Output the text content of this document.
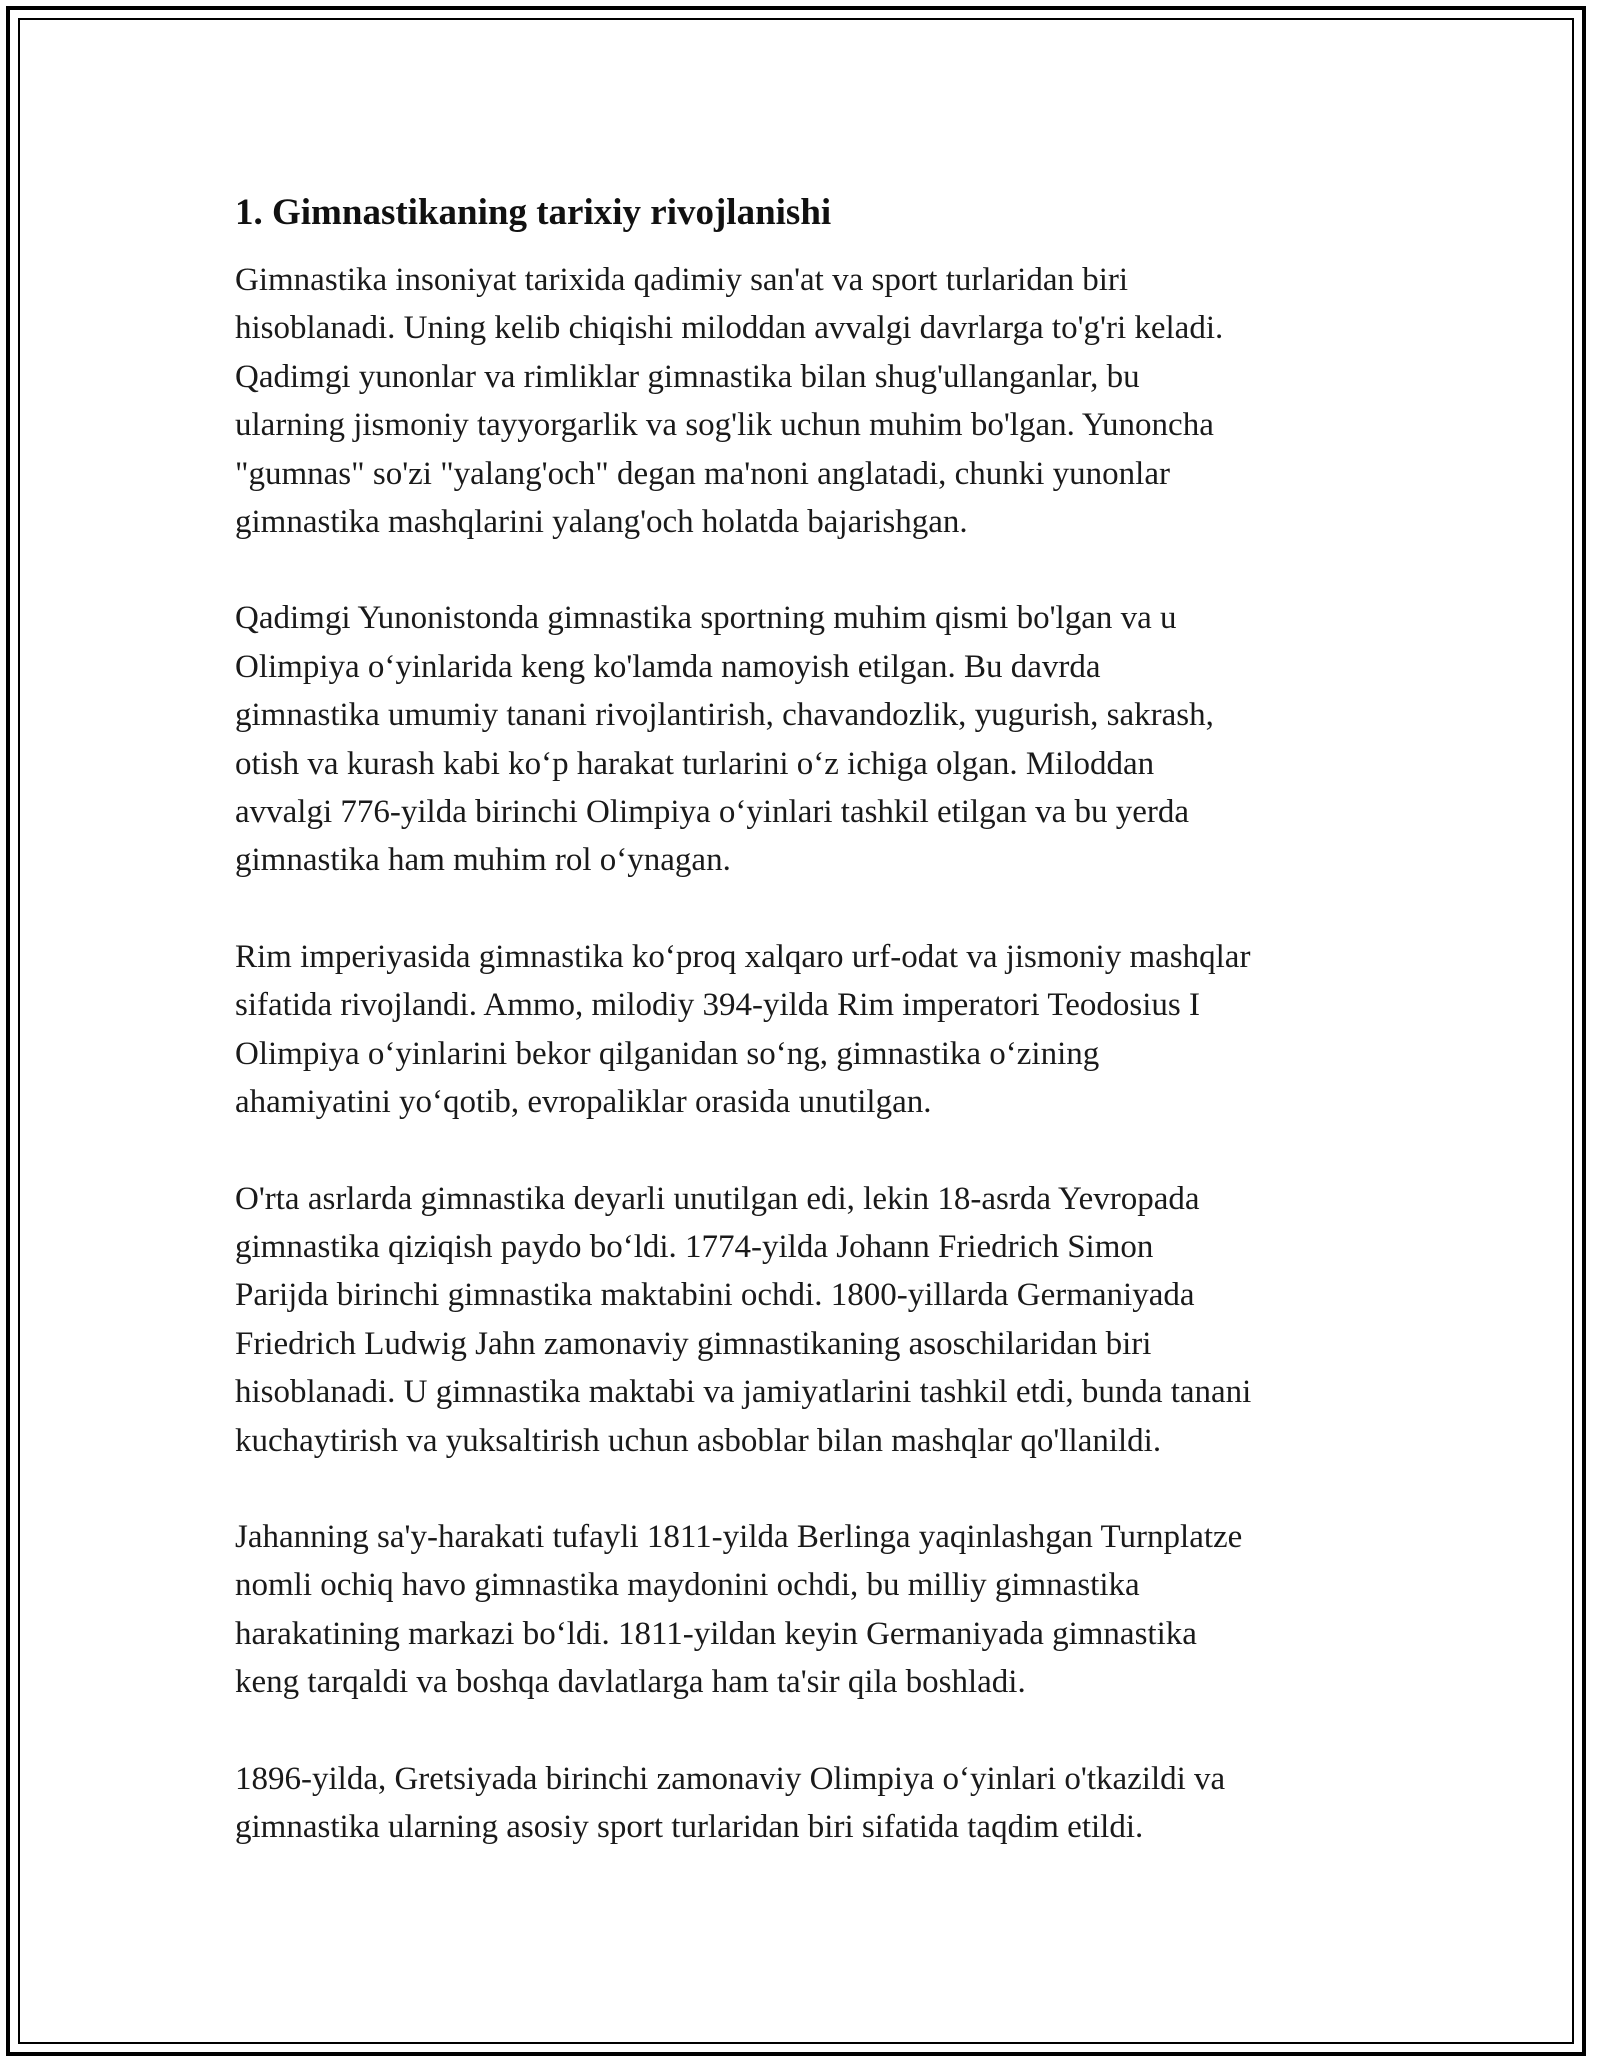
1. Gimnastikaning tarixiy rivojlanishi

Gimnastika insoniyat tarixida qadimiy san'at va sport turlaridan biri
hisoblanadi. Uning kelib chiqishi miloddan avvalgi davrlarga to'g'ri keladi.
Qadimgi yunonlar va rimliklar gimnastika bilan shug'ullanganlar, bu
ularning jismoniy tayyorgarlik va sog'lik uchun muhim bo'lgan. Yunoncha
"gumnas" so'zi "yalang'och" degan ma'noni anglatadi, chunki yunonlar
gimnastika mashqlarini yalang'och holatda bajarishgan.

Qadimgi Yunonistonda gimnastika sportning muhim qismi bo'lgan va u
Olimpiya o‘yinlarida keng ko'lamda namoyish etilgan. Bu davrda
gimnastika umumiy tanani rivojlantirish, chavandozlik, yugurish, sakrash,
otish va kurash kabi ko‘p harakat turlarini o‘z ichiga olgan. Miloddan
avvalgi 776-yilda birinchi Olimpiya o‘yinlari tashkil etilgan va bu yerda
gimnastika ham muhim rol o‘ynagan.

Rim imperiyasida gimnastika ko‘proq xalqaro urf-odat va jismoniy mashqlar
sifatida rivojlandi. Ammo, milodiy 394-yilda Rim imperatori Teodosius I
Olimpiya o‘yinlarini bekor qilganidan so‘ng, gimnastika o‘zining
ahamiyatini yo‘qotib, evropaliklar orasida unutilgan.

O'rta asrlarda gimnastika deyarli unutilgan edi, lekin 18-asrda Yevropada
gimnastika qiziqish paydo bo‘ldi. 1774-yilda Johann Friedrich Simon
Parijda birinchi gimnastika maktabini ochdi. 1800-yillarda Germaniyada
Friedrich Ludwig Jahn zamonaviy gimnastikaning asoschilaridan biri
hisoblanadi. U gimnastika maktabi va jamiyatlarini tashkil etdi, bunda tanani
kuchaytirish va yuksaltirish uchun asboblar bilan mashqlar qo'llanildi.

Jahanning sa'y-harakati tufayli 1811-yilda Berlinga yaqinlashgan Turnplatze
nomli ochiq havo gimnastika maydonini ochdi, bu milliy gimnastika
harakatining markazi bo‘ldi. 1811-yildan keyin Germaniyada gimnastika
keng tarqaldi va boshqa davlatlarga ham ta'sir qila boshladi.

1896-yilda, Gretsiyada birinchi zamonaviy Olimpiya o‘yinlari o'tkazildi va
gimnastika ularning asosiy sport turlaridan biri sifatida taqdim etildi.
